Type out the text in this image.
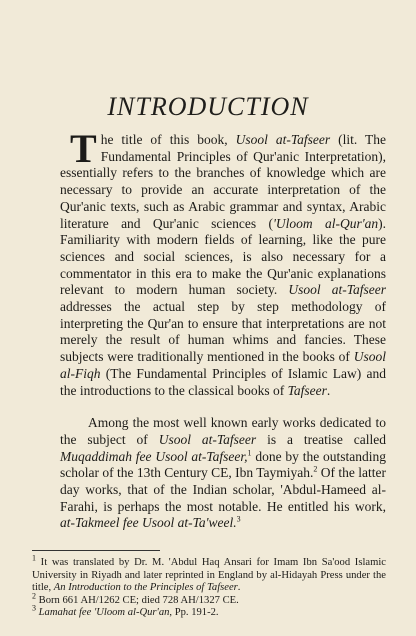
INTRODUCTION

The title of this book, Usool at-Tafseer (lit. The Fundamental Principles of Qur'anic Interpretation), essentially refers to the branches of knowledge which are necessary to provide an accurate interpretation of the Qur'anic texts, such as Arabic grammar and syntax, Arabic literature and Qur'anic sciences ('Uloom al-Qur'an). Familiarity with modern fields of learning, like the pure sciences and social sciences, is also necessary for a commentator in this era to make the Qur'anic explanations relevant to modern human society. Usool at-Tafseer addresses the actual step by step methodology of interpreting the Qur'an to ensure that interpretations are not merely the result of human whims and fancies. These subjects were traditionally mentioned in the books of Usool al-Fiqh (The Fundamental Principles of Islamic Law) and the introductions to the classical books of Tafseer.

Among the most well known early works dedicated to the subject of Usool at-Tafseer is a treatise called Muqaddimah fee Usool at-Tafseer,$^1$ done by the outstanding scholar of the 13th Century CE, Ibn Taymiyah.$^2$ Of the latter day works, that of the Indian scholar, 'Abdul-Hameed al-Farahi, is perhaps the most notable. He entitled his work, at-Takmeel fee Usool at-Ta'weel.$^3$

$^1$ It was translated by Dr. M. 'Abdul Haq Ansari for Imam Ibn Sa'ood Islamic University in Riyadh and later reprinted in England by al-Hidayah Press under the title, An Introduction to the Principles of Tafseer.

$^2$ Born 661 AH/1262 CE; died 728 AH/1327 CE.

$^3$ Lamahat fee 'Uloom al-Qur'an, Pp. 191-2.
